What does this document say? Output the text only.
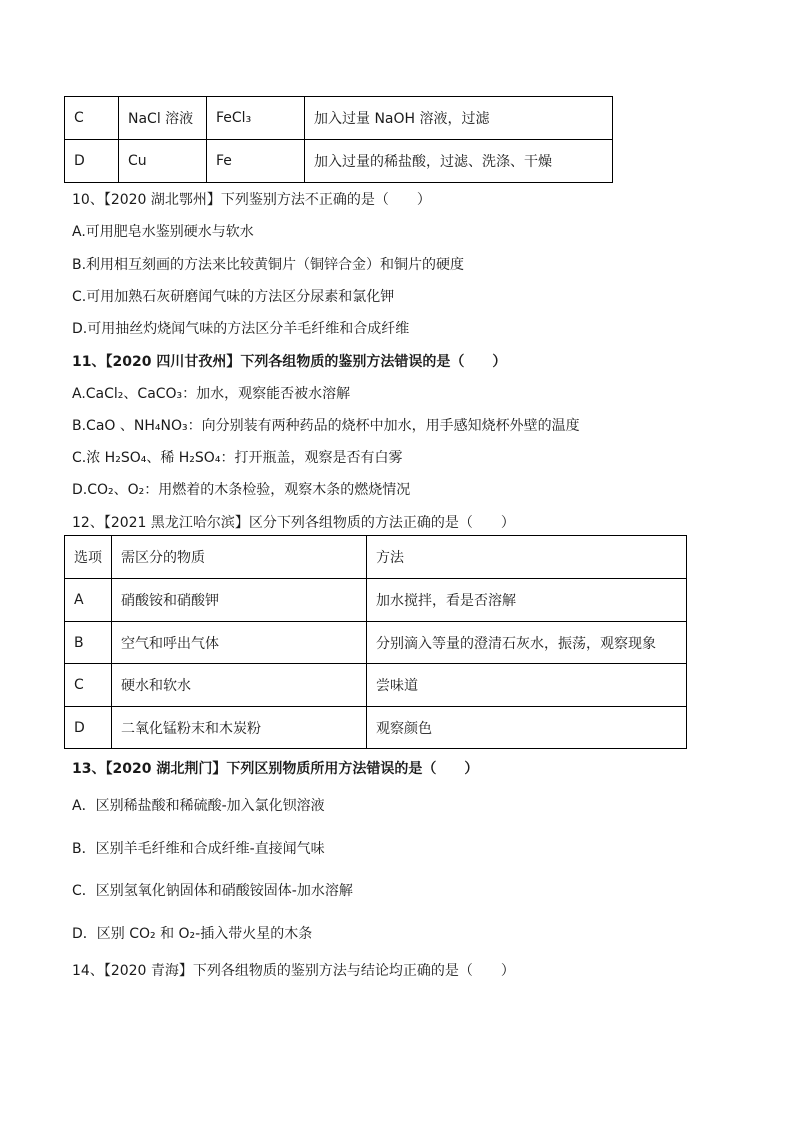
C	NaCl 溶液	FeCl₃	加入过量 NaOH 溶液，过滤
D	Cu	Fe	加入过量的稀盐酸，过滤、洗涤、干燥
10、【2020 湖北鄂州】下列鉴别方法不正确的是（　　）
A.可用肥皂水鉴别硬水与软水
B.利用相互刻画的方法来比较黄铜片（铜锌合金）和铜片的硬度
C.可用加熟石灰研磨闻气味的方法区分尿素和氯化钾
D.可用抽丝灼烧闻气味的方法区分羊毛纤维和合成纤维
11、【2020 四川甘孜州】下列各组物质的鉴别方法错误的是（　　）
A.CaCl₂、CaCO₃：加水，观察能否被水溶解
B.CaO 、NH₄NO₃：向分别装有两种药品的烧杯中加水，用手感知烧杯外壁的温度
C.浓 H₂SO₄、稀 H₂SO₄：打开瓶盖，观察是否有白雾
D.CO₂、O₂：用燃着的木条检验，观察木条的燃烧情况
12、【2021 黑龙江哈尔滨】区分下列各组物质的方法正确的是（　　）
选项	需区分的物质	方法
A	硝酸铵和硝酸钾	加水搅拌，看是否溶解
B	空气和呼出气体	分别滴入等量的澄清石灰水，振荡，观察现象
C	硬水和软水	尝味道
D	二氧化锰粉末和木炭粉	观察颜色
13、【2020 湖北荆门】下列区别物质所用方法错误的是（　　）
A．区别稀盐酸和稀硫酸-加入氯化钡溶液
B．区别羊毛纤维和合成纤维-直接闻气味
C．区别氢氧化钠固体和硝酸铵固体-加水溶解
D．区别 CO₂ 和 O₂-插入带火星的木条
14、【2020 青海】下列各组物质的鉴别方法与结论均正确的是（　　）
